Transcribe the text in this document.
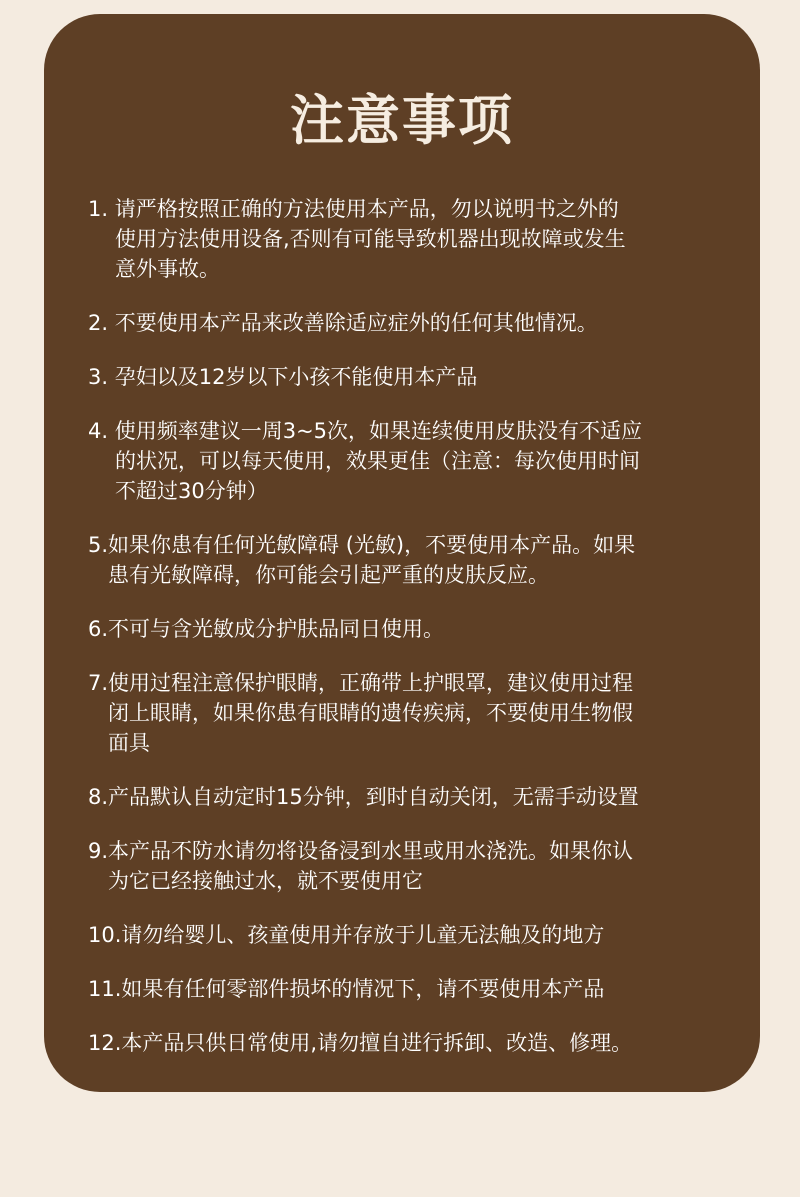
注意事项
1. 请严格按照正确的方法使用本产品，勿以说明书之外的
使用方法使用设备,否则有可能导致机器出现故障或发生
意外事故。
2. 不要使用本产品来改善除适应症外的任何其他情况。
3. 孕妇以及12岁以下小孩不能使用本产品
4. 使用频率建议一周3~5次，如果连续使用皮肤没有不适应
的状况，可以每天使用，效果更佳（注意：每次使用时间
不超过30分钟）
5.如果你患有任何光敏障碍 (光敏)，不要使用本产品。如果
患有光敏障碍，你可能会引起严重的皮肤反应。
6.不可与含光敏成分护肤品同日使用。
7.使用过程注意保护眼睛，正确带上护眼罩，建议使用过程
闭上眼睛，如果你患有眼睛的遗传疾病，不要使用生物假
面具
8.产品默认自动定时15分钟，到时自动关闭，无需手动设置
9.本产品不防水请勿将设备浸到水里或用水浇洗。如果你认
为它已经接触过水，就不要使用它
10.请勿给婴儿、孩童使用并存放于儿童无法触及的地方
11.如果有任何零部件损坏的情况下，请不要使用本产品
12.本产品只供日常使用,请勿擅自进行拆卸、改造、修理。
